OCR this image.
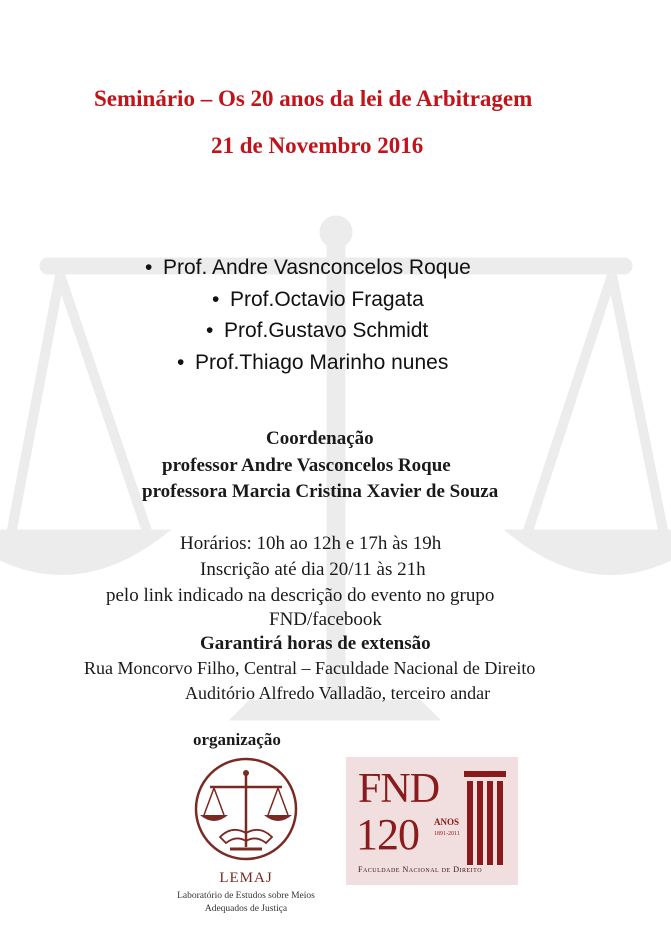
Seminário – Os 20 anos da lei de Arbitragem
21 de Novembro 2016
• Prof. Andre Vasnconcelos Roque
• Prof.Octavio Fragata
• Prof.Gustavo Schmidt
• Prof.Thiago Marinho nunes
Coordenação
professor Andre Vasconcelos Roque
professora Marcia Cristina Xavier de Souza
Horários: 10h ao 12h e 17h às 19h
Inscrição até dia 20/11 às 21h
pelo link indicado na descrição do evento no grupo
FND/facebook
Garantirá horas de extensão
Rua Moncorvo Filho, Central – Faculdade Nacional de Direito
Auditório Alfredo Valladão, terceiro andar
organização
LEMAJ
Laboratório de Estudos sobre Meios
Adequados de Justiça
FND
120 ANOS
1891-2011
Faculdade Nacional de Direito
